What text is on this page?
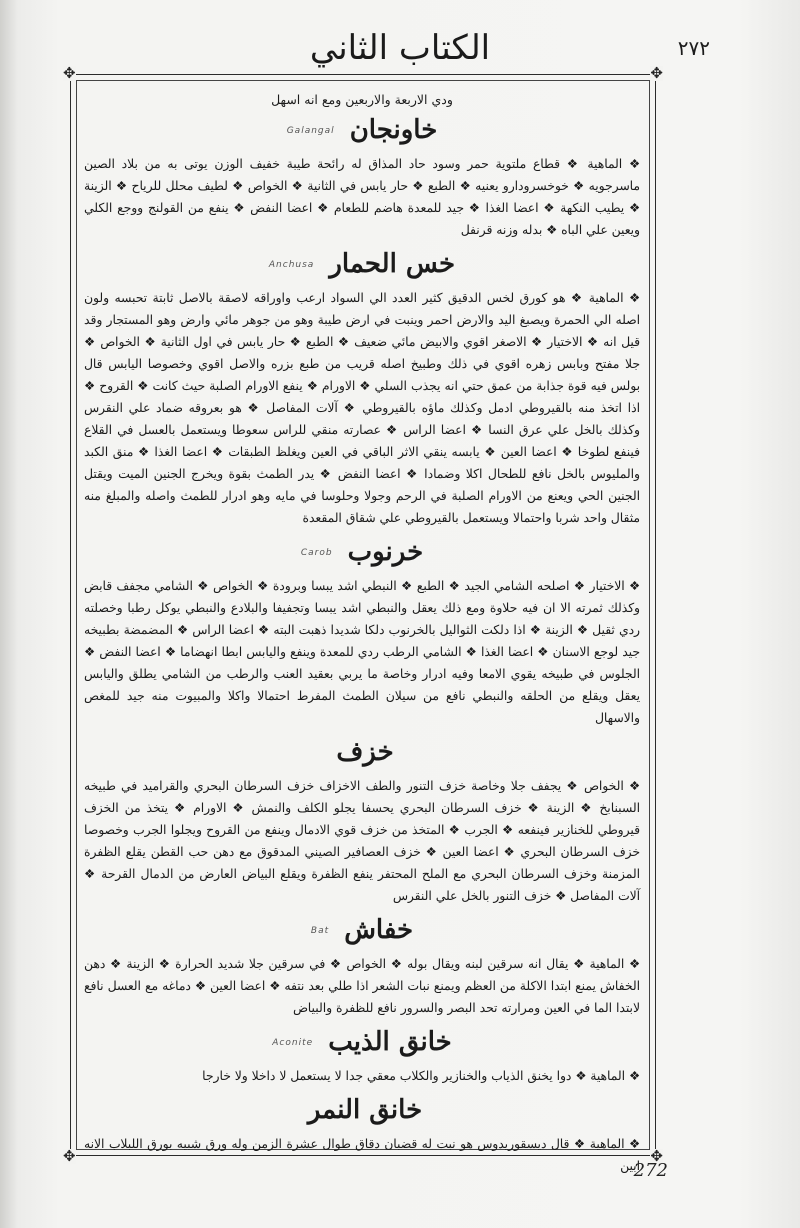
الكتاب الثاني	٢٧٢
✥	✥
✥	✥
ودي الاربعة والاربعين ومع انه اسهل
خاونجان Galangal

❖ الماهية ❖ قطاع ملتوية حمر وسود حاد المذاق له رائحة طيبة خفيف الوزن يوتى به من بلاد الصين ماسرجويه ❖ خوخسرودارو يعنيه ❖ الطبع ❖ حار يابس في الثانية ❖ الخواص ❖ لطيف محلل للرياح ❖ الزينة ❖ يطيب النكهة ❖ اعضا الغذا ❖ جيد للمعدة هاضم للطعام ❖ اعضا النفض ❖ ينفع من القولنج ووجع الكلي ويعين علي الباه ❖ بدله وزنه قرنفل

خس الحمار Anchusa

❖ الماهية ❖ هو كورق لخس الدقيق كثير العدد الي السواد ارعب واوراقه لاصقة بالاصل ثابتة تحبسه ولون اصله الي الحمرة ويصبغ اليد والارض احمر وينبت في ارض طيبة وهو من جوهر مائي وارض وهو المستجار وقد قيل انه ❖ الاختيار ❖ الاصغر اقوي والابيض مائي ضعيف ❖ الطبع ❖ حار يابس في اول الثانية ❖ الخواص ❖ جلا مفتح وبابس زهره اقوي في ذلك وطبيخ اصله قريب من طبع بزره والاصل اقوي وخصوصا اليابس قال بولس فيه قوة جذابة من عمق حتي انه يجذب السلي ❖ الاورام ❖ ينفع الاورام الصلبة حيث كانت ❖ القروح ❖ اذا اتخذ منه بالقيروطي ادمل وكذلك ماؤه بالقيروطي ❖ آلات المفاصل ❖ هو بعروقه ضماد علي النقرس وكذلك بالخل علي عرق النسا ❖ اعضا الراس ❖ عصارته منقي للراس سعوطا ويستعمل بالعسل في القلاع فينفع لطوخا ❖ اعضا العين ❖ يابسه ينقي الاثر الباقي في العين ويغلظ الطبقات ❖ اعضا الغذا ❖ منق الكبد والمليوس بالخل نافع للطحال اكلا وضمادا ❖ اعضا النفض ❖ يدر الطمث بقوة ويخرج الجنين الميت ويقتل الجنين الحي ويعنع من الاورام الصلبة في الرحم وجولا وحلوسا في مايه وهو ادرار للطمث واصله والمبلغ منه مثقال واحد شربا واحتمالا ويستعمل بالقيروطي علي شقاق المقعدة

خرنوب Carob

❖ الاختيار ❖ اصلحه الشامي الجيد ❖ الطبع ❖ النبطي اشد يبسا وبرودة ❖ الخواص ❖ الشامي مجفف قابض وكذلك ثمرته الا ان فيه حلاوة ومع ذلك يعقل والنبطي اشد يبسا وتجفيفا والبلادع والنبطي يوكل رطبا وخصلته ردي ثقيل ❖ الزينة ❖ اذا دلكت الثواليل بالخرنوب دلكا شديدا ذهبت البته ❖ اعضا الراس ❖ المضمضة بطبيخه جيد لوجع الاسنان ❖ اعضا الغذا ❖ الشامي الرطب ردي للمعدة وينفع واليابس ابطا انهضاما ❖ اعضا النفض ❖ الجلوس في طبيخه يقوي الامعا وفيه ادرار وخاصة ما يربي بعقيد العنب والرطب من الشامي يطلق واليابس يعقل ويقلع من الحلقه والنبطي نافع من سيلان الطمث المفرط احتمالا واكلا والمبيوت منه جيد للمغص والاسهال

خزف

❖ الخواص ❖ يجفف جلا وخاصة خزف التنور والطف الاخزاف خزف السرطان البحري والقراميد في طبيخه السبنابخ ❖ الزينة ❖ خزف السرطان البحري يحسفا يجلو الكلف والنمش ❖ الاورام ❖ يتخذ من الخزف قيروطي للخنازير فينفعه ❖ الجرب ❖ المتخذ من خزف قوي الادمال وينفع من القروح ويجلوا الجرب وخصوصا خزف السرطان البحري ❖ اعضا العين ❖ خزف العصافير الصيني المدقوق مع دهن حب القطن يقلع الظفرة المزمنة وخزف السرطان البحري مع الملح المحتفر ينفع الظفرة ويقلع البياض العارض من الدمال القرحة ❖ آلات المفاصل ❖ خزف التنور بالخل علي النقرس

خفاش Bat

❖ الماهية ❖ يقال انه سرقين لبنه ويقال بوله ❖ الخواص ❖ في سرقين جلا شديد الحرارة ❖ الزينة ❖ دهن الخفاش يمنع ابتدا الاكلة من العظم ويمنع نبات الشعر اذا طلي بعد نتفه ❖ اعضا العين ❖ دماغه مع العسل نافع لابتدا الما في العين ومرارته تحد البصر والسرور نافع للظفرة والبياض

خانق الذيب Aconite

❖ الماهية ❖ دوا يخنق الذياب والخنازير والكلاب معقي جدا لا يستعمل لا داخلا ولا خارجا

خانق النمر

❖ الماهية ❖ قال ديسقوريدوس هو نبت له قضبان دقاق طوال عشرة الزمن وله ورق شبيه بورق اللبلاب الانه ابين

272
